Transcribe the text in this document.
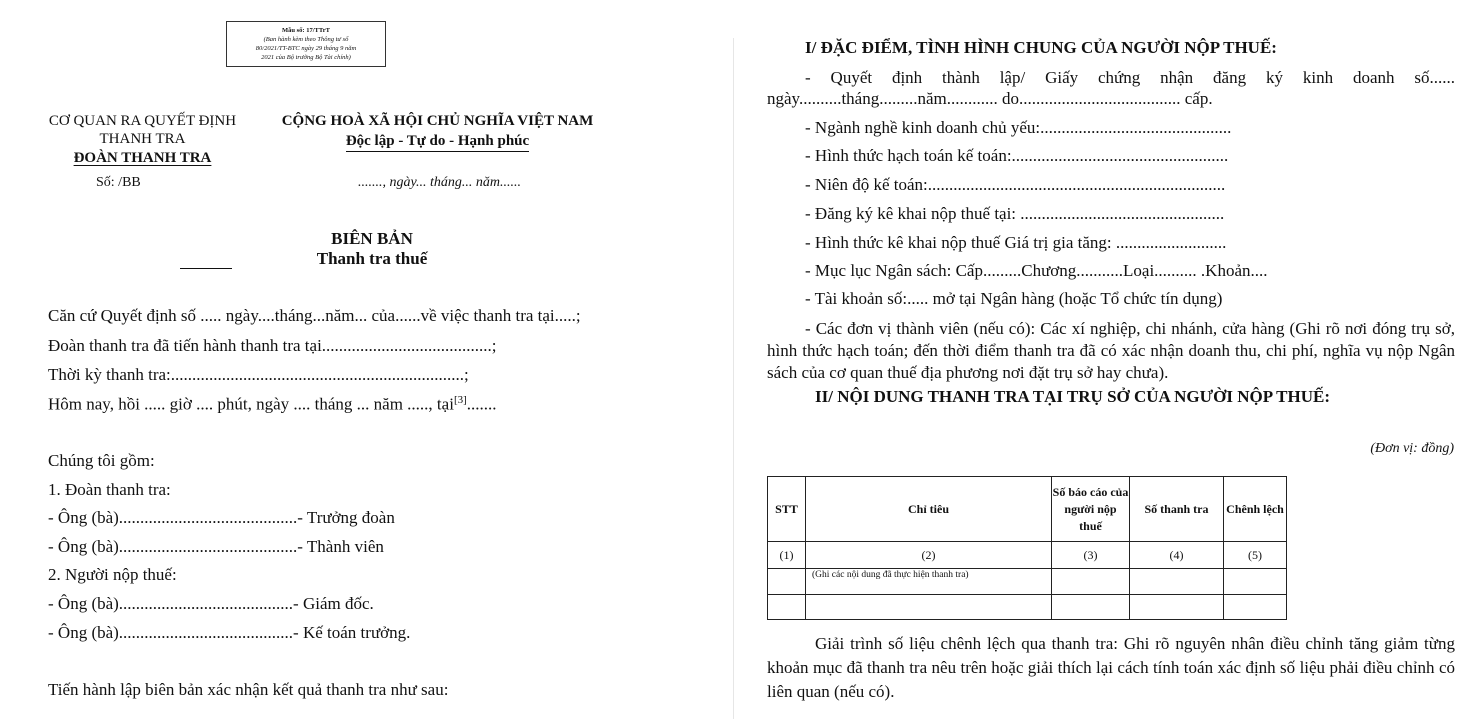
Mẫu số: 17/TTrT
(Ban hành kèm theo Thông tư số
80/2021/TT-BTC ngày 29 tháng 9 năm
2021 của Bộ trưởng Bộ Tài chính)
CƠ QUAN RA QUYẾT ĐỊNH
THANH TRA
ĐOÀN THANH TRA
CỘNG HOÀ XÃ HỘI CHỦ NGHĨA VIỆT NAM
Độc lập - Tự do - Hạnh phúc
Số: /BB	......., ngày... tháng... năm......
BIÊN BẢN
Thanh tra thuế
Căn cứ Quyết định số ..... ngày....tháng...năm... của......về việc thanh tra tại.....;
Đoàn thanh tra đã tiến hành thanh tra tại........................................;
Thời kỳ thanh tra:.....................................................................;
Hôm nay, hồi ..... giờ .... phút, ngày .... tháng ... năm ....., tại[3].......
Chúng tôi gồm:
1. Đoàn thanh tra:
- Ông (bà)..........................................- Trưởng đoàn
- Ông (bà)..........................................- Thành viên
2. Người nộp thuế:
- Ông (bà).........................................- Giám đốc.
- Ông (bà).........................................- Kế toán trưởng.
Tiến hành lập biên bản xác nhận kết quả thanh tra như sau:
I/ ĐẶC ĐIỂM, TÌNH HÌNH CHUNG CỦA NGƯỜI NỘP THUẾ:
- Quyết định thành lập/ Giấy chứng nhận đăng ký kinh doanh số......
ngày..........tháng.........năm............ do...................................... cấp.
- Ngành nghề kinh doanh chủ yếu:.............................................
- Hình thức hạch toán kế toán:...................................................
- Niên độ kế toán:......................................................................
- Đăng ký kê khai nộp thuế tại: ................................................
- Hình thức kê khai nộp thuế Giá trị gia tăng: ..........................
- Mục lục Ngân sách: Cấp.........Chương...........Loại.......... .Khoản....
- Tài khoản số:..... mở tại Ngân hàng (hoặc Tổ chức tín dụng)
- Các đơn vị thành viên (nếu có): Các xí nghiệp, chi nhánh, cửa hàng (Ghi rõ nơi đóng trụ sở, hình thức hạch toán; đến thời điểm thanh tra đã có xác nhận doanh thu, chi phí, nghĩa vụ nộp Ngân sách của cơ quan thuế địa phương nơi đặt trụ sở hay chưa).
II/ NỘI DUNG THANH TRA TẠI TRỤ SỞ CỦA NGƯỜI NỘP THUẾ:
(Đơn vị: đồng)
STT	Chỉ tiêu	Số báo cáo của người nộp thuế	Số thanh tra	Chênh lệch
(1)	(2)	(3)	(4)	(5)
	(Ghi các nội dung đã thực hiện thanh tra)			

Giải trình số liệu chênh lệch qua thanh tra: Ghi rõ nguyên nhân điều chỉnh tăng giảm từng khoản mục đã thanh tra nêu trên hoặc giải thích lại cách tính toán xác định số liệu phải điều chỉnh có liên quan (nếu có).
